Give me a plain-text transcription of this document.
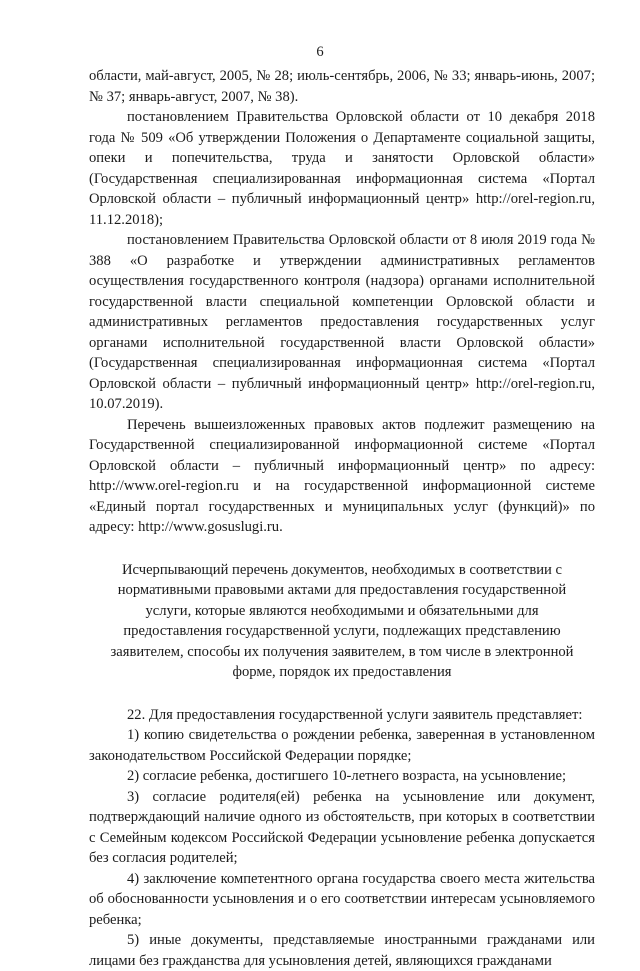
6

области, май-август, 2005, № 28; июль-сентябрь, 2006, № 33; январь-июнь, 2007; № 37; январь-август, 2007, № 38).

постановлением Правительства Орловской области от 10 декабря 2018 года № 509 «Об утверждении Положения о Департаменте социальной защиты, опеки и попечительства, труда и занятости Орловской области» (Государственная специализированная информационная система «Портал Орловской области – публичный информационный центр» http://orel-region.ru, 11.12.2018);

постановлением Правительства Орловской области от 8 июля 2019 года № 388 «О разработке и утверждении административных регламентов осуществления государственного контроля (надзора) органами исполнительной государственной власти специальной компетенции Орловской области и административных регламентов предоставления государственных услуг органами исполнительной государственной власти Орловской области» (Государственная специализированная информационная система «Портал Орловской области – публичный информационный центр» http://orel-region.ru, 10.07.2019).

Перечень вышеизложенных правовых актов подлежит размещению на Государственной специализированной информационной системе «Портал Орловской области – публичный информационный центр» по адресу: http://www.orel-region.ru и на государственной информационной системе «Единый портал государственных и муниципальных услуг (функций)» по адресу: http://www.gosuslugi.ru.

Исчерпывающий перечень документов, необходимых в соответствии с нормативными правовыми актами для предоставления государственной услуги, которые являются необходимыми и обязательными для предоставления государственной услуги, подлежащих представлению заявителем, способы их получения заявителем, в том числе в электронной форме, порядок их предоставления

22. Для предоставления государственной услуги заявитель представляет:

1) копию свидетельства о рождении ребенка, заверенная в установленном законодательством Российской Федерации порядке;

2) согласие ребенка, достигшего 10-летнего возраста, на усыновление;

3) согласие родителя(ей) ребенка на усыновление или документ, подтверждающий наличие одного из обстоятельств, при которых в соответствии с Семейным кодексом Российской Федерации усыновление ребенка допускается без согласия родителей;

4) заключение компетентного органа государства своего места жительства об обоснованности усыновления и о его соответствии интересам усыновляемого ребенка;

5) иные документы, представляемые иностранными гражданами или лицами без гражданства для усыновления детей, являющихся гражданами
